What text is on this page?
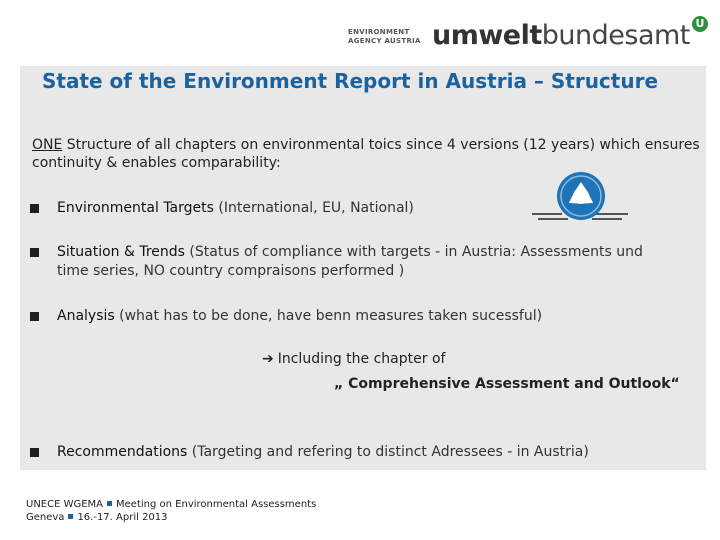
ENVIRONMENT
AGENCY AUSTRIA umweltbundesamt U
State of the Environment Report in Austria – Structure
ONE Structure of all chapters on environmental toics since 4 versions (12 years) which ensures continuity & enables comparability:
Environmental Targets (International, EU, National)
Situation & Trends (Status of compliance with targets - in Austria: Assessments und time series, NO country compraisons performed )
Analysis (what has to be done, have benn measures taken sucessful)
➔ Including the chapter of
„ Comprehensive Assessment and Outlook“
Recommendations (Targeting and refering to distinct Adressees - in Austria)
UNECE WGEMA Meeting on Environmental Assessments
Geneva 16.-17. April 2013
